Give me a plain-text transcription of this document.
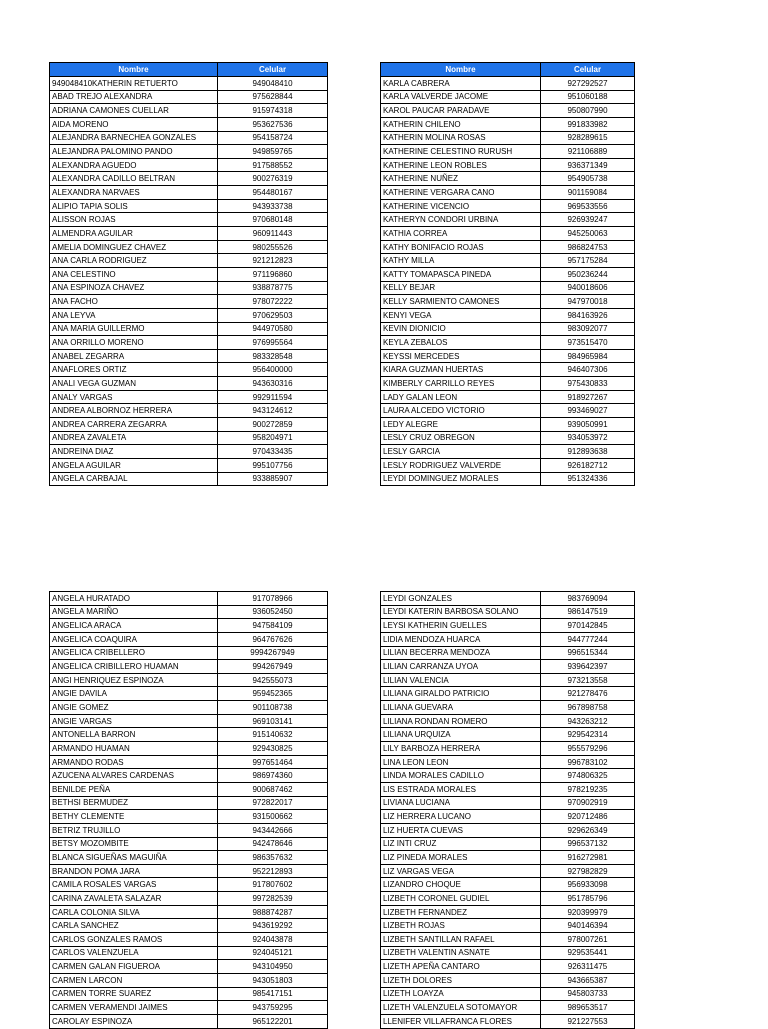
Nombre	Celular
949048410KATHERIN RETUERTO	949048410
ABAD TREJO ALEXANDRA	975628844
ADRIANA CAMONES CUELLAR	915974318
AIDA MORENO	953627536
ALEJANDRA BARNECHEA GONZALES	954158724
ALEJANDRA PALOMINO PANDO	949859765
ALEXANDRA AGUEDO	917588552
ALEXANDRA CADILLO BELTRAN	900276319
ALEXANDRA NARVAES	954480167
ALIPIO TAPIA SOLIS	943933738
ALISSON ROJAS	970680148
ALMENDRA AGUILAR	960911443
AMELIA DOMINGUEZ CHAVEZ	980255526
ANA CARLA RODRIGUEZ	921212823
ANA CELESTINO	971196860
ANA ESPINOZA CHAVEZ	938878775
ANA FACHO	978072222
ANA LEYVA	970629503
ANA MARIA GUILLERMO	944970580
ANA ORRILLO MORENO	976995564
ANABEL ZEGARRA	983328548
ANAFLORES ORTIZ	956400000
ANALI VEGA GUZMAN	943630316
ANALY VARGAS	992911594
ANDREA ALBORNOZ HERRERA	943124612
ANDREA CARRERA ZEGARRA	900272859
ANDREA ZAVALETA	958204971
ANDREINA DIAZ	970433435
ANGELA AGUILAR	995107756
ANGELA CARBAJAL	933885907
Nombre	Celular
KARLA CABRERA	927292527
KARLA VALVERDE JACOME	951060188
KAROL PAUCAR PARADAVE	950807990
KATHERIN CHILENO	991833982
KATHERIN MOLINA ROSAS	928289615
KATHERINE CELESTINO RURUSH	921106889
KATHERINE LEON ROBLES	936371349
KATHERINE NUÑEZ	954905738
KATHERINE VERGARA CANO	901159084
KATHERINE VICENCIO	969533556
KATHERYN CONDORI URBINA	926939247
KATHIA CORREA	945250063
KATHY BONIFACIO ROJAS	986824753
KATHY MILLA	957175284
KATTY TOMAPASCA PINEDA	950236244
KELLY BEJAR	940018606
KELLY SARMIENTO CAMONES	947970018
KENYI VEGA	984163926
KEVIN DIONICIO	983092077
KEYLA ZEBALOS	973515470
KEYSSI MERCEDES	984965984
KIARA GUZMAN HUERTAS	946407306
KIMBERLY CARRILLO REYES	975430833
LADY GALAN LEON	918927267
LAURA ALCEDO VICTORIO	993469027
LEDY ALEGRE	939050991
LESLY CRUZ OBREGON	934053972
LESLY GARCIA	912893638
LESLY RODRIGUEZ VALVERDE	926182712
LEYDI DOMINGUEZ MORALES	951324336
ANGELA HURATADO	917078966
ANGELA MARIÑO	936052450
ANGELICA ARACA	947584109
ANGELICA COAQUIRA	964767626
ANGELICA CRIBELLERO	9994267949
ANGELICA CRIBILLERO HUAMAN	994267949
ANGI HENRIQUEZ ESPINOZA	942555073
ANGIE DAVILA	959452365
ANGIE GOMEZ	901108738
ANGIE VARGAS	969103141
ANTONELLA BARRON	915140632
ARMANDO HUAMAN	929430825
ARMANDO RODAS	997651464
AZUCENA ALVARES CARDENAS	986974360
BENILDE PEÑA	900687462
BETHSI BERMUDEZ	972822017
BETHY CLEMENTE	931500662
BETRIZ TRUJILLO	943442666
BETSY MOZOMBITE	942478646
BLANCA SIGUEÑAS MAGUIÑA	986357632
BRANDON POMA JARA	952212893
CAMILA ROSALES VARGAS	917807602
CARINA ZAVALETA SALAZAR	997282539
CARLA COLONIA SILVA	988874287
CARLA SANCHEZ	943619292
CARLOS GONZALES RAMOS	924043878
CARLOS VALENZUELA	924045121
CARMEN GALAN FIGUEROA	943104950
CARMEN LARCON	943051803
CARMEN TORRE SUAREZ	985417151
CARMEN VERAMENDI JAIMES	943759295
CAROLAY ESPINOZA	965122201
LEYDI GONZALES	983769094
LEYDI KATERIN BARBOSA SOLANO	986147519
LEYSI KATHERIN GUELLES	970142845
LIDIA MENDOZA HUARCA	944777244
LILIAN BECERRA MENDOZA	996515344
LILIAN CARRANZA UYOA	939642397
LILIAN VALENCIA	973213558
LILIANA GIRALDO PATRICIO	921278476
LILIANA GUEVARA	967898758
LILIANA RONDAN ROMERO	943263212
LILIANA URQUIZA	929542314
LILY BARBOZA HERRERA	955579296
LINA LEON LEON	996783102
LINDA MORALES CADILLO	974806325
LIS ESTRADA MORALES	978219235
LIVIANA LUCIANA	970902919
LIZ HERRERA LUCANO	920712486
LIZ HUERTA CUEVAS	929626349
LIZ INTI CRUZ	996537132
LIZ PINEDA MORALES	916272981
LIZ VARGAS VEGA	927982829
LIZANDRO CHOQUE	956933098
LIZBETH CORONEL GUDIEL	951785796
LIZBETH FERNANDEZ	920399979
LIZBETH ROJAS	940146394
LIZBETH SANTILLAN RAFAEL	978007261
LIZBETH VALENTIN ASNATE	929535441
LIZETH APEÑA CANTARO	926311475
LIZETH DOLORES	943665387
LIZETH LOAYZA	945803733
LIZETH VALENZUELA SOTOMAYOR	989653517
LLENIFER VILLAFRANCA FLORES	921227553
